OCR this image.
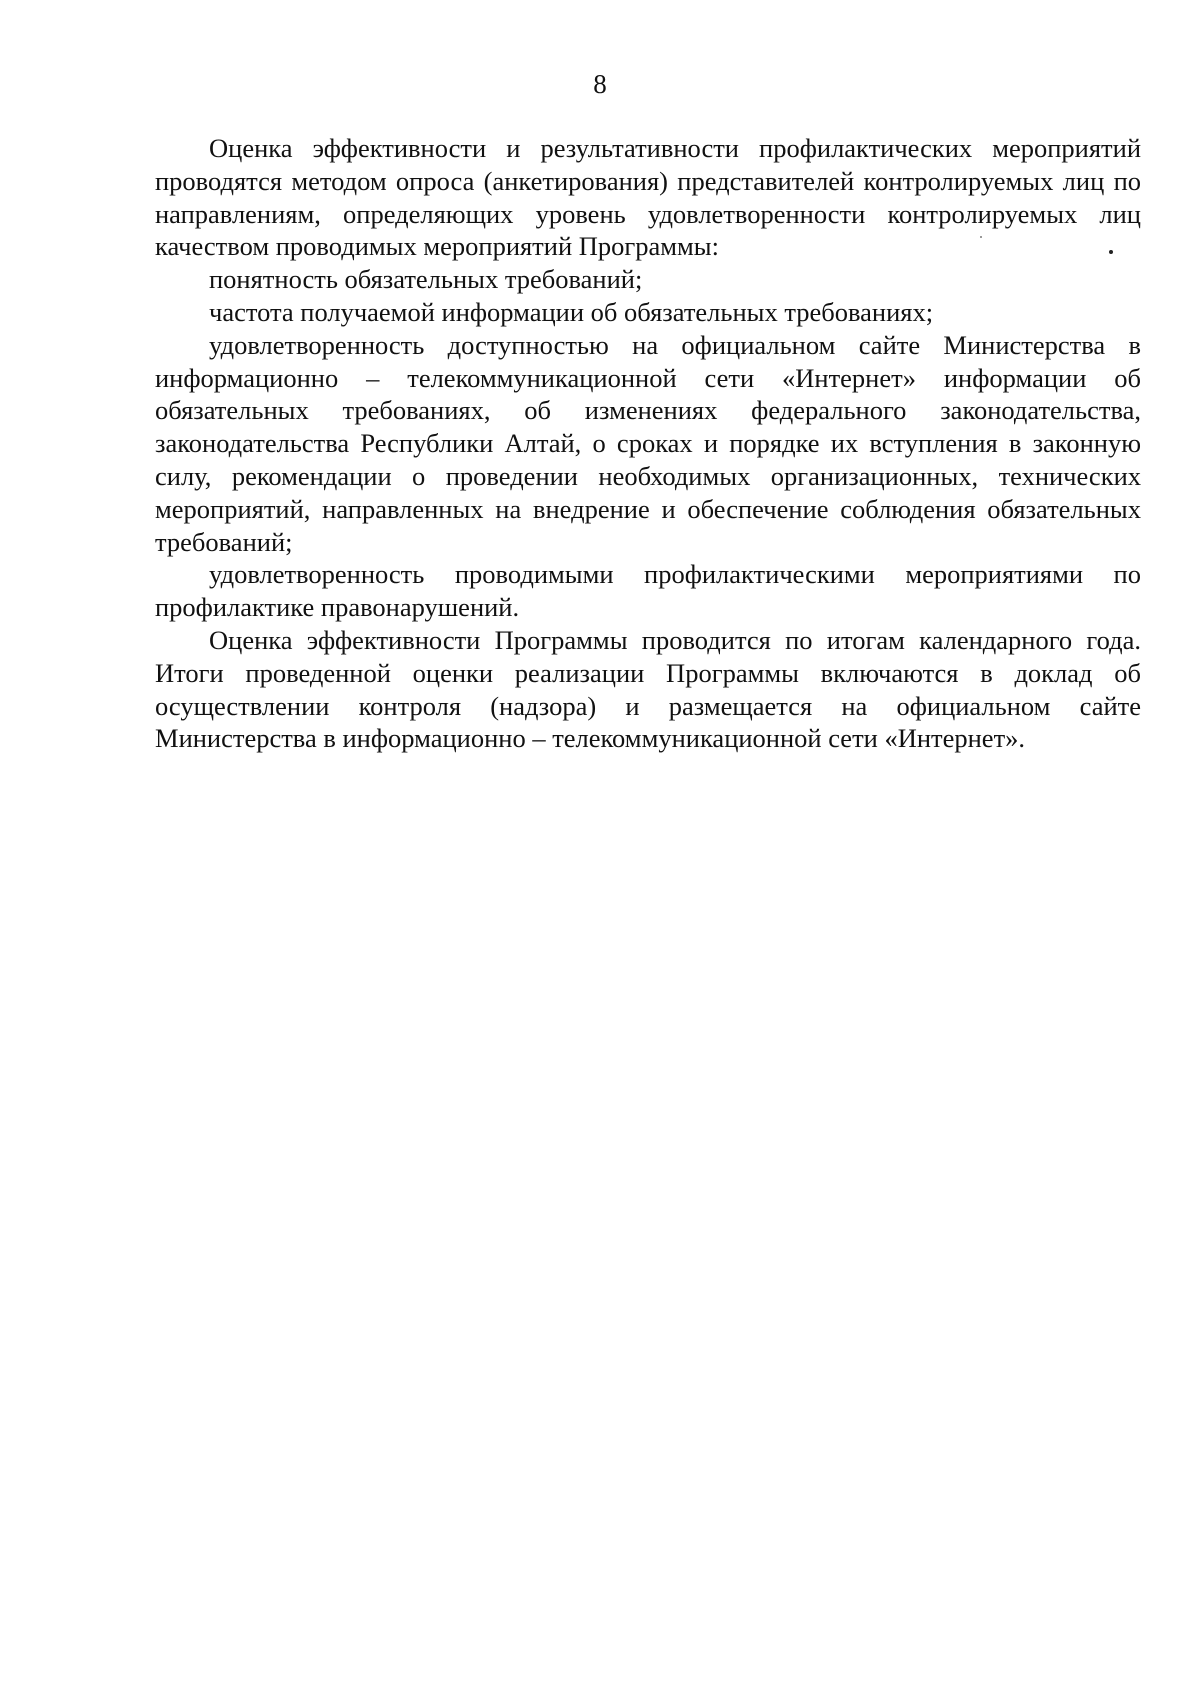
8

Оценка эффективности и результативности профилактических мероприятий проводятся методом опроса (анкетирования) представителей контролируемых лиц по направлениям, определяющих уровень удовлетворенности контролируемых лиц качеством проводимых мероприятий Программы:

понятность обязательных требований;

частота получаемой информации об обязательных требованиях;

удовлетворенность доступностью на официальном сайте Министерства в информационно – телекоммуникационной сети «Интернет» информации об обязательных требованиях, об изменениях федерального законодательства, законодательства Республики Алтай, о сроках и порядке их вступления в законную силу, рекомендации о проведении необходимых организационных, технических мероприятий, направленных на внедрение и обеспечение соблюдения обязательных требований;

удовлетворенность проводимыми профилактическими мероприятиями по профилактике правонарушений.

Оценка эффективности Программы проводится по итогам календарного года. Итоги проведенной оценки реализации Программы включаются в доклад об осуществлении контроля (надзора) и размещается на официальном сайте Министерства в информационно – телекоммуникационной сети «Интернет».
